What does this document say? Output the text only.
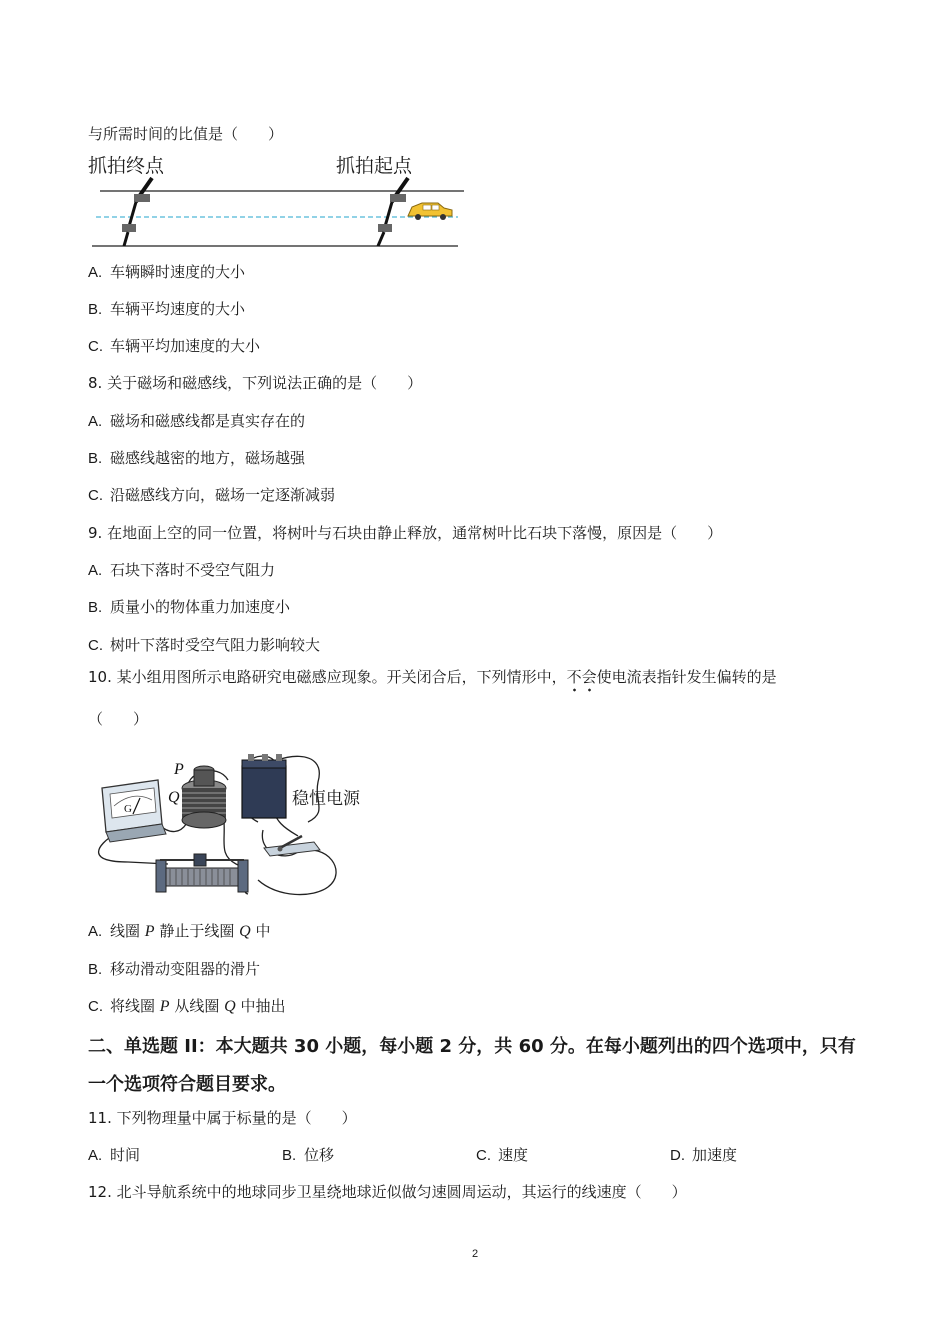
与所需时间的比值是（　　）
抓拍终点	抓拍起点
A. 车辆瞬时速度的大小
B. 车辆平均速度的大小
C. 车辆平均加速度的大小
8. 关于磁场和磁感线，下列说法正确的是（　　）
A. 磁场和磁感线都是真实存在的
B. 磁感线越密的地方，磁场越强
C. 沿磁感线方向，磁场一定逐渐减弱
9. 在地面上空的同一位置，将树叶与石块由静止释放，通常树叶比石块下落慢，原因是（　　）
A. 石块下落时不受空气阻力
B. 质量小的物体重力加速度小
C. 树叶下落时受空气阻力影响较大
10. 某小组用图所示电路研究电磁感应现象。开关闭合后，下列情形中，不会使电流表指针发生偏转的是
（　　）
G
P
Q	稳恒电源
A. 线圈 P 静止于线圈 Q 中
B. 移动滑动变阻器的滑片
C. 将线圈 P 从线圈 Q 中抽出
二、单选题 II：本大题共 30 小题，每小题 2 分，共 60 分。在每小题列出的四个选项中，只有
一个选项符合题目要求。
11. 下列物理量中属于标量的是（　　）
A. 时间	B. 位移	C. 速度	D. 加速度
12. 北斗导航系统中的地球同步卫星绕地球近似做匀速圆周运动，其运行的线速度（　　）
2
